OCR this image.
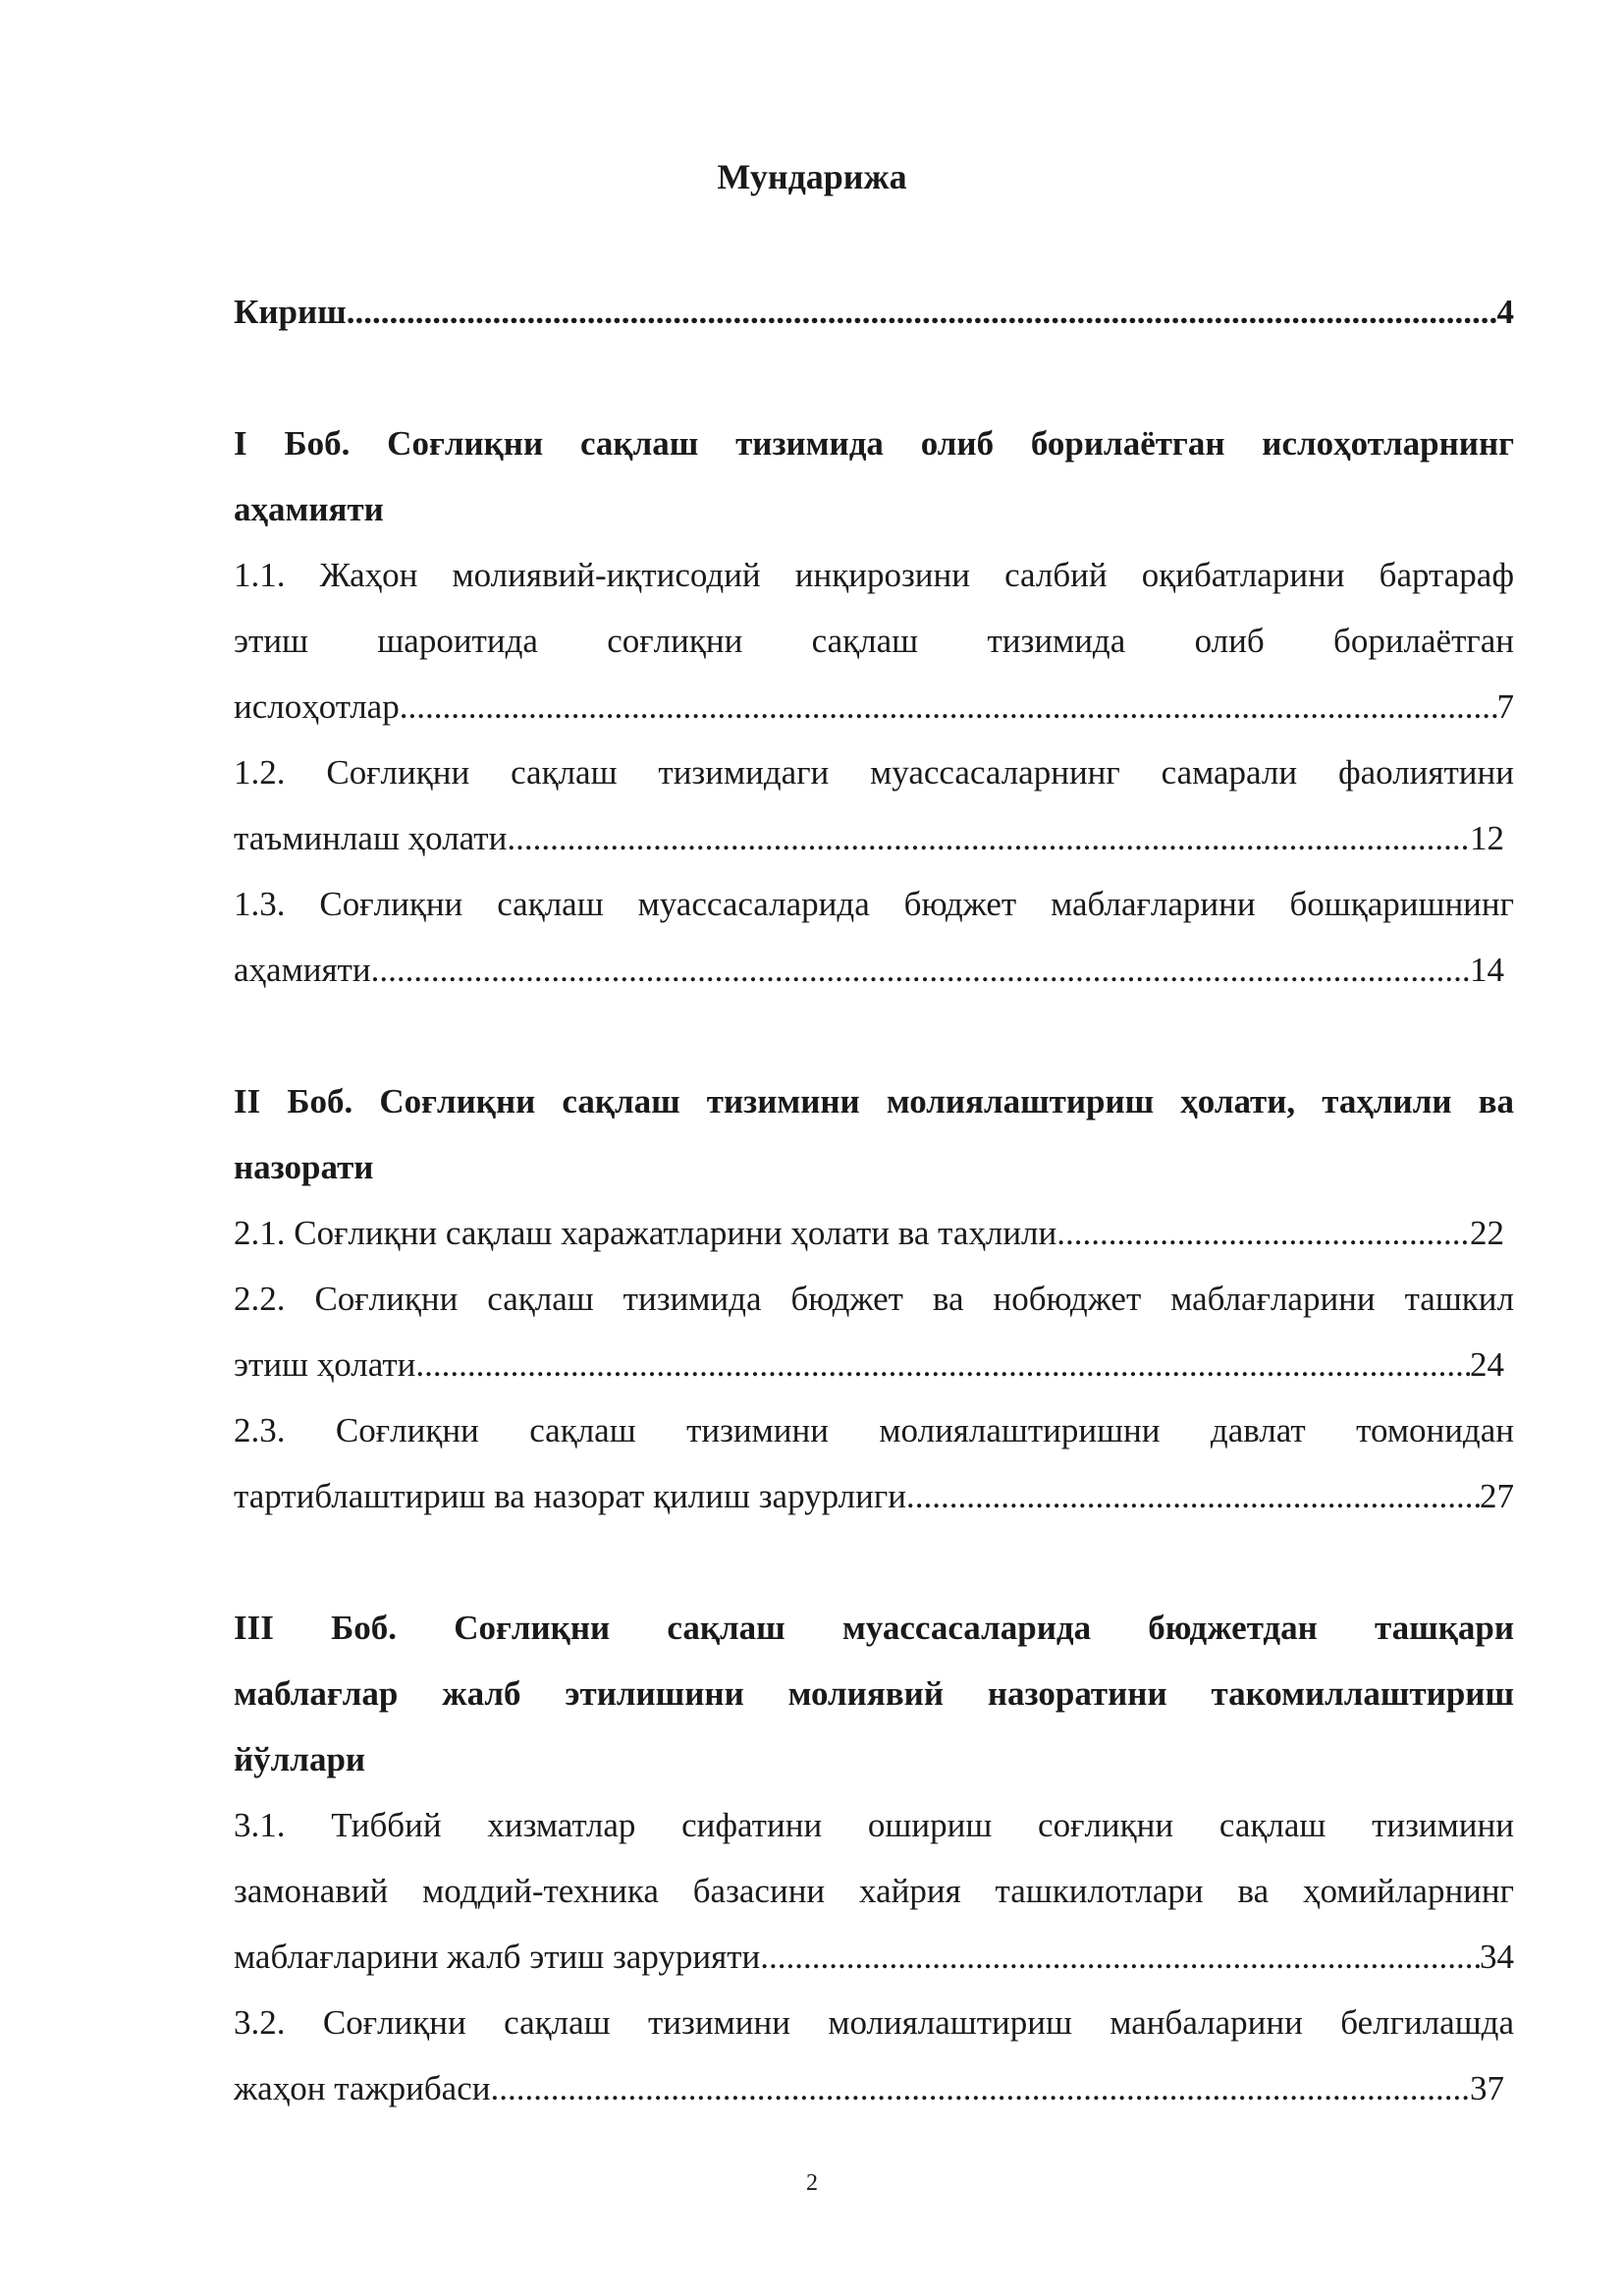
Мундарижа
Кириш .....	4
I Боб. Соғлиқни сақлаш тизимида олиб борилаётган ислоҳотларнинг
аҳамияти
1.1. Жаҳон молиявий-иқтисодий инқирозини салбий оқибатларини бартараф
этиш шароитида соғлиқни сақлаш тизимида олиб борилаётган
ислоҳотлар .....	7
1.2. Соғлиқни сақлаш тизимидаги муассасаларнинг самарали фаолиятини
таъминлаш ҳолати .....	12
1.3. Соғлиқни сақлаш муассасаларида бюджет маблағларини бошқаришнинг
аҳамияти .....	14
II Боб. Соғлиқни сақлаш тизимини молиялаштириш ҳолати, таҳлили ва
назорати
2.1. Соғлиқни сақлаш харажатларини ҳолати ва таҳлили .....	22
2.2. Соғлиқни сақлаш тизимида бюджет ва нобюджет маблағларини ташкил
этиш ҳолати .....	24
2.3. Соғлиқни сақлаш тизимини молиялаштиришни давлат томонидан
тартиблаштириш ва назорат қилиш зарурлиги. .....	27
III Боб. Соғлиқни сақлаш муассасаларида бюджетдан ташқари
маблағлар жалб этилишини молиявий назоратини такомиллаштириш
йўллари
3.1. Тиббий хизматлар сифатини ошириш соғлиқни сақлаш тизимини
замонавий моддий-техника базасини хайрия ташкилотлари ва ҳомийларнинг
маблағларини жалб этиш зарурияти .....	34
3.2. Соғлиқни сақлаш тизимини молиялаштириш манбаларини белгилашда
жаҳон тажрибаси .....	37
2
